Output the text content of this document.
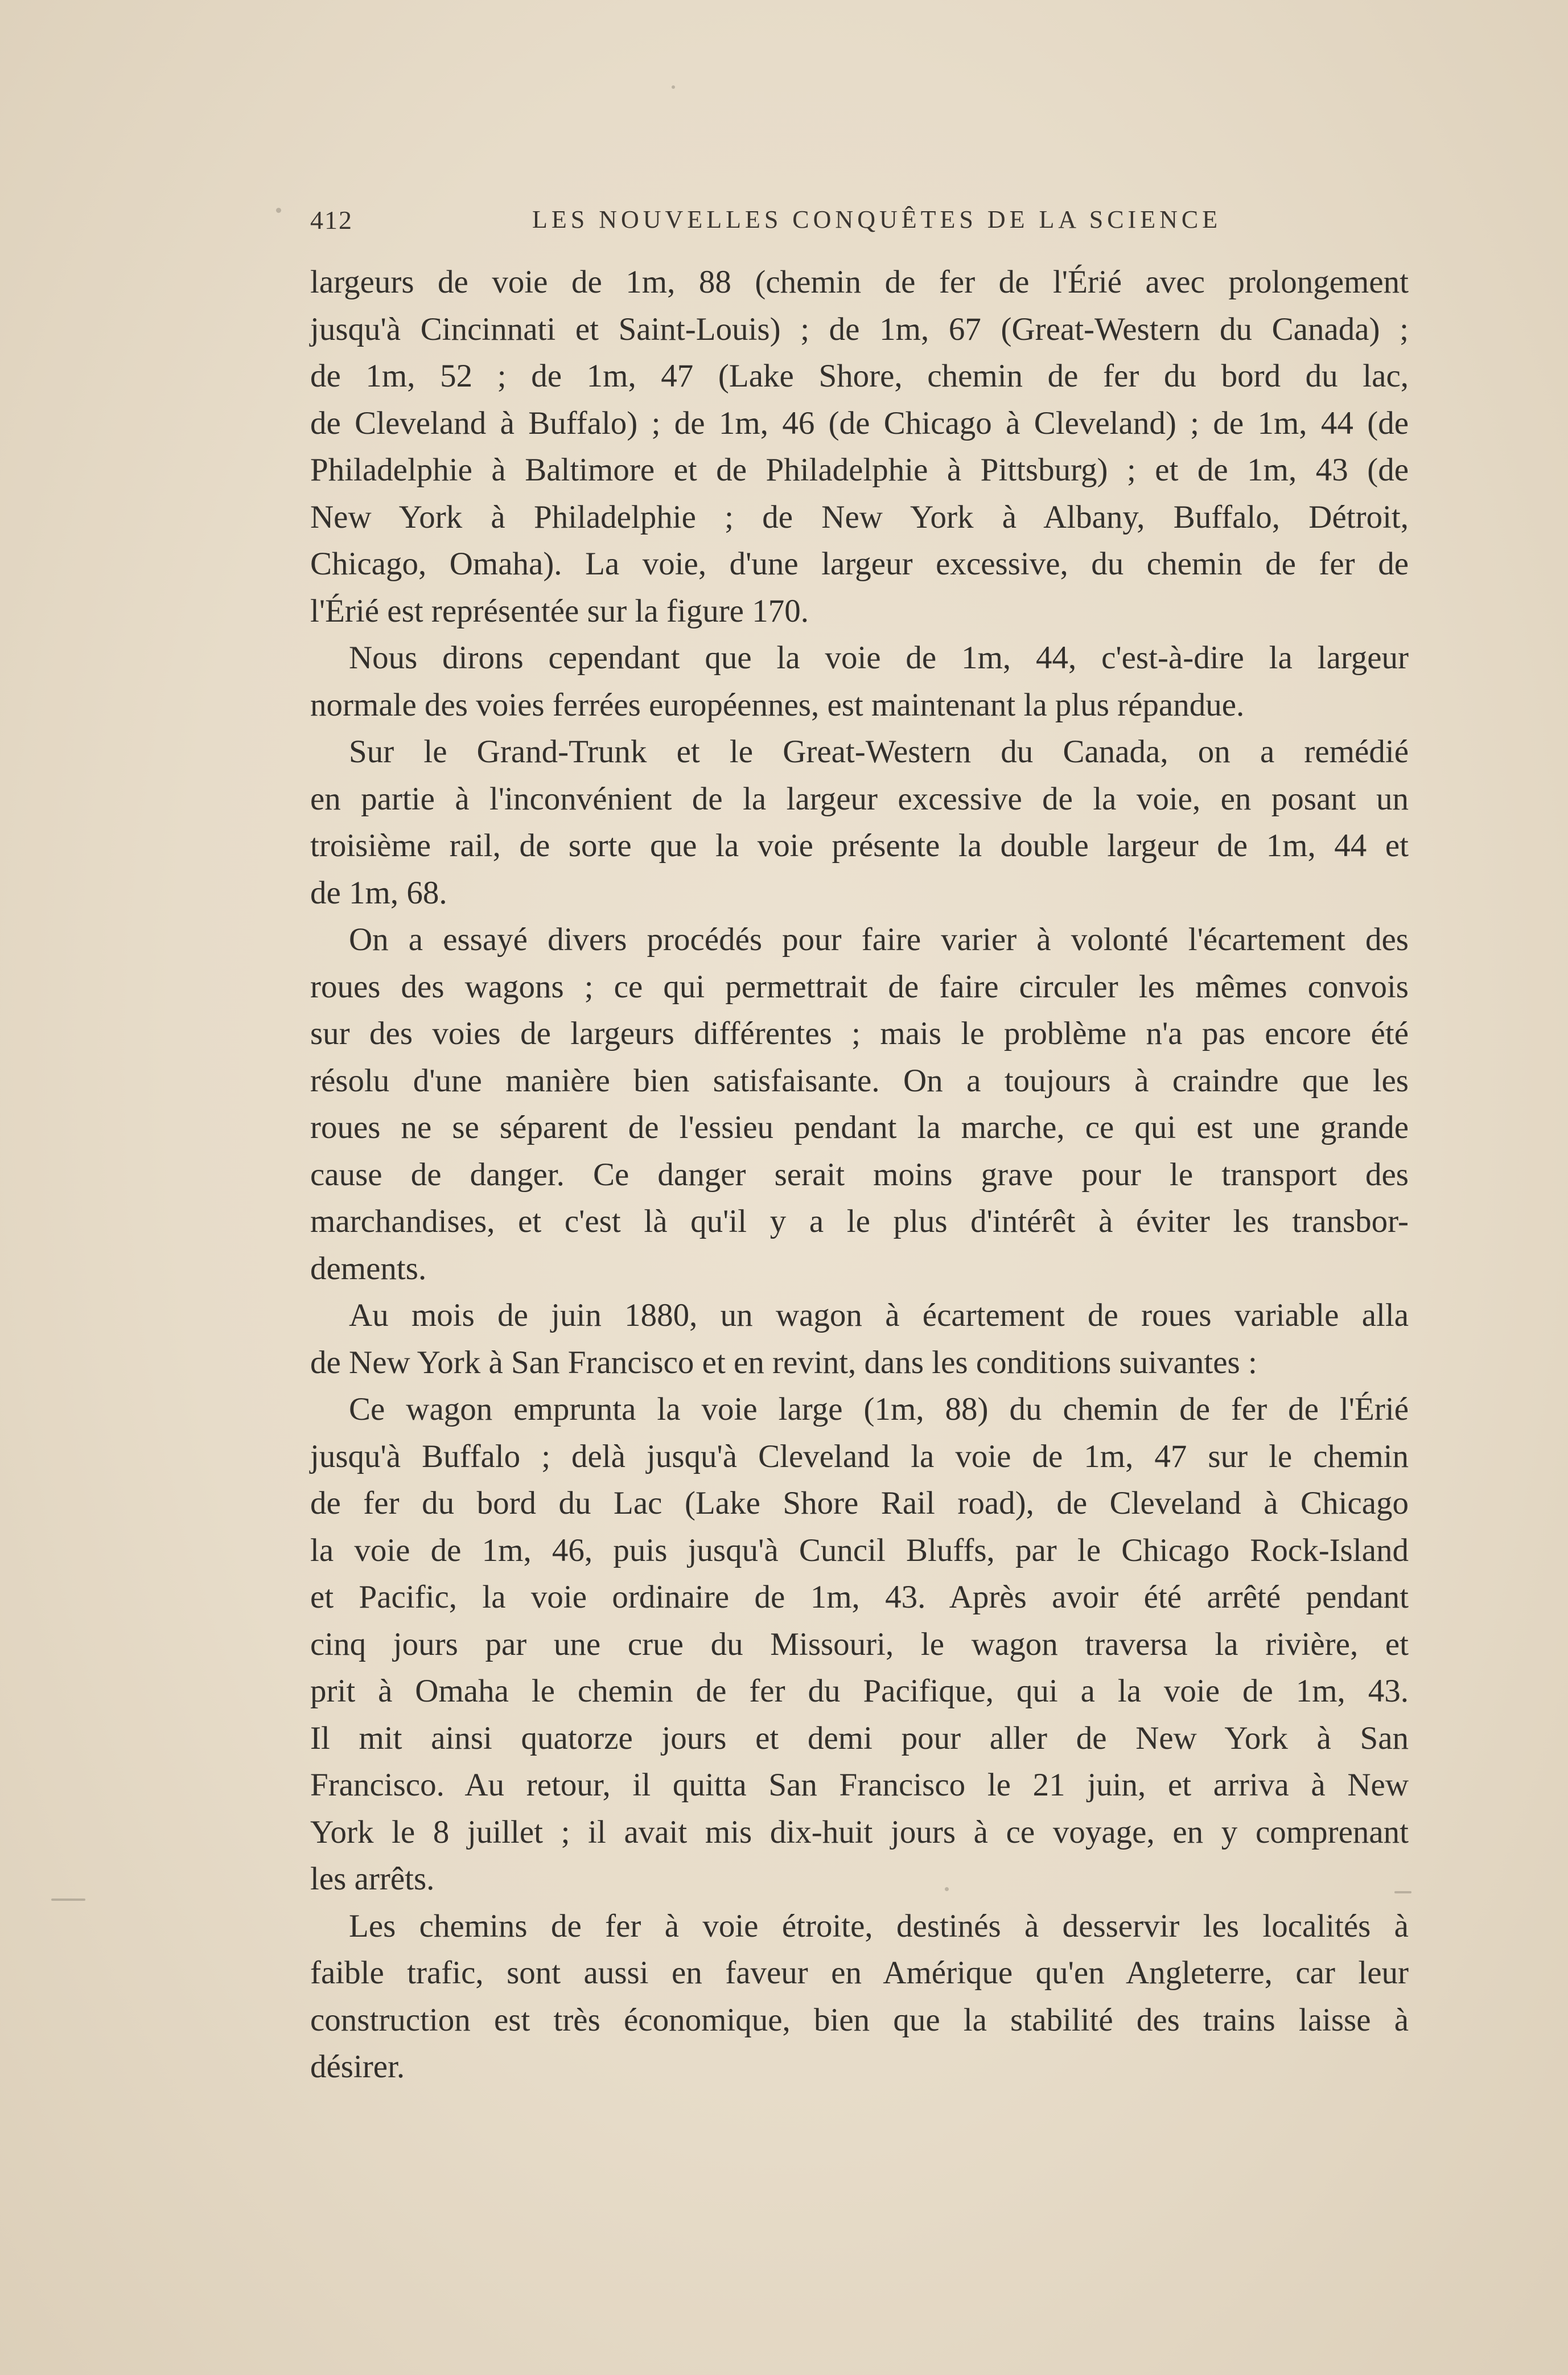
412	LES NOUVELLES CONQUÊTES DE LA SCIENCE
largeurs de voie de 1m, 88 (chemin de fer de l'Érié avec prolongement
jusqu'à Cincinnati et Saint-Louis) ; de 1m, 67 (Great-Western du Canada) ;
de 1m, 52 ; de 1m, 47 (Lake Shore, chemin de fer du bord du lac,
de Cleveland à Buffalo) ; de 1m, 46 (de Chicago à Cleveland) ; de 1m, 44 (de
Philadelphie à Baltimore et de Philadelphie à Pittsburg) ; et de 1m, 43 (de
New York à Philadelphie ; de New York à Albany, Buffalo, Détroit,
Chicago, Omaha). La voie, d'une largeur excessive, du chemin de fer de
l'Érié est représentée sur la figure 170.
Nous dirons cependant que la voie de 1m, 44, c'est-à-dire la largeur
normale des voies ferrées européennes, est maintenant la plus répandue.
Sur le Grand-Trunk et le Great-Western du Canada, on a remédié
en partie à l'inconvénient de la largeur excessive de la voie, en posant un
troisième rail, de sorte que la voie présente la double largeur de 1m, 44 et
de 1m, 68.
On a essayé divers procédés pour faire varier à volonté l'écartement des
roues des wagons ; ce qui permettrait de faire circuler les mêmes convois
sur des voies de largeurs différentes ; mais le problème n'a pas encore été
résolu d'une manière bien satisfaisante. On a toujours à craindre que les
roues ne se séparent de l'essieu pendant la marche, ce qui est une grande
cause de danger. Ce danger serait moins grave pour le transport des
marchandises, et c'est là qu'il y a le plus d'intérêt à éviter les transbor-
dements.
Au mois de juin 1880, un wagon à écartement de roues variable alla
de New York à San Francisco et en revint, dans les conditions suivantes :
Ce wagon emprunta la voie large (1m, 88) du chemin de fer de l'Érié
jusqu'à Buffalo ; delà jusqu'à Cleveland la voie de 1m, 47 sur le chemin
de fer du bord du Lac (Lake Shore Rail road), de Cleveland à Chicago
la voie de 1m, 46, puis jusqu'à Cuncil Bluffs, par le Chicago Rock-Island
et Pacific, la voie ordinaire de 1m, 43. Après avoir été arrêté pendant
cinq jours par une crue du Missouri, le wagon traversa la rivière, et
prit à Omaha le chemin de fer du Pacifique, qui a la voie de 1m, 43.
Il mit ainsi quatorze jours et demi pour aller de New York à San
Francisco. Au retour, il quitta San Francisco le 21 juin, et arriva à New
York le 8 juillet ; il avait mis dix-huit jours à ce voyage, en y comprenant
les arrêts.
Les chemins de fer à voie étroite, destinés à desservir les localités à
faible trafic, sont aussi en faveur en Amérique qu'en Angleterre, car leur
construction est très économique, bien que la stabilité des trains laisse à
désirer.
